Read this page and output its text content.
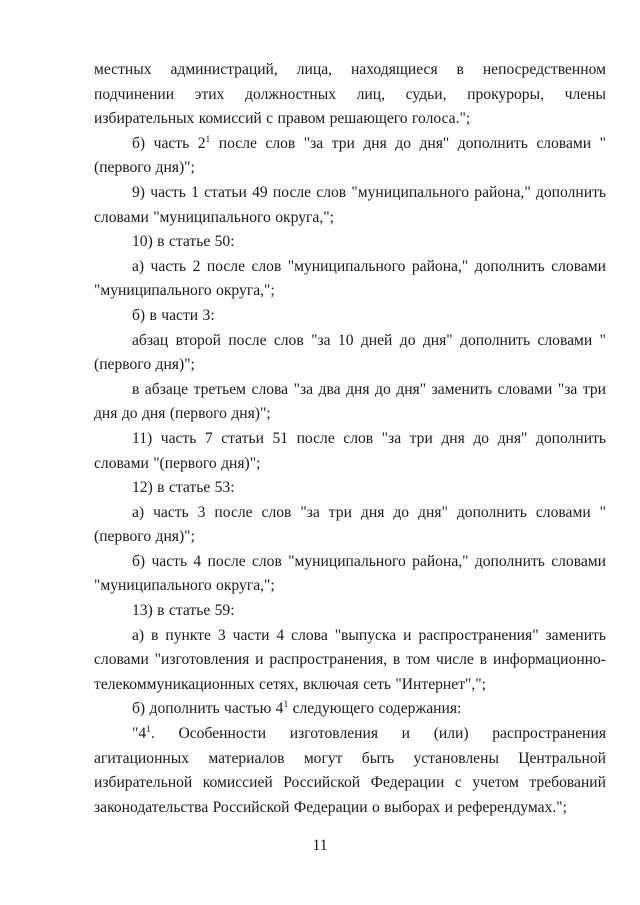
местных администраций, лица, находящиеся в непосредственном подчинении этих должностных лиц, судьи, прокуроры, члены избирательных комиссий с правом решающего голоса.";

б) часть $2^1$ после слов "за три дня до дня" дополнить словами "(первого дня)";

9) часть 1 статьи 49 после слов "муниципального района," дополнить словами "муниципального округа,";

10) в статье 50:

а) часть 2 после слов "муниципального района," дополнить словами "муниципального округа,";

б) в части 3:

абзац второй после слов "за 10 дней до дня" дополнить словами "(первого дня)";

в абзаце третьем слова "за два дня до дня" заменить словами "за три дня до дня (первого дня)";

11) часть 7 статьи 51 после слов "за три дня до дня" дополнить словами "(первого дня)";

12) в статье 53:

а) часть 3 после слов "за три дня до дня" дополнить словами "(первого дня)";

б) часть 4 после слов "муниципального района," дополнить словами "муниципального округа,";

13) в статье 59:

а) в пункте 3 части 4 слова "выпуска и распространения" заменить словами "изготовления и распространения, в том числе в информационно-телекоммуникационных сетях, включая сеть "Интернет",";

б) дополнить частью $4^1$ следующего содержания:

"$4^1$. Особенности изготовления и (или) распространения агитационных материалов могут быть установлены Центральной избирательной комиссией Российской Федерации с учетом требований законодательства Российской Федерации о выборах и референдумах.";

11
